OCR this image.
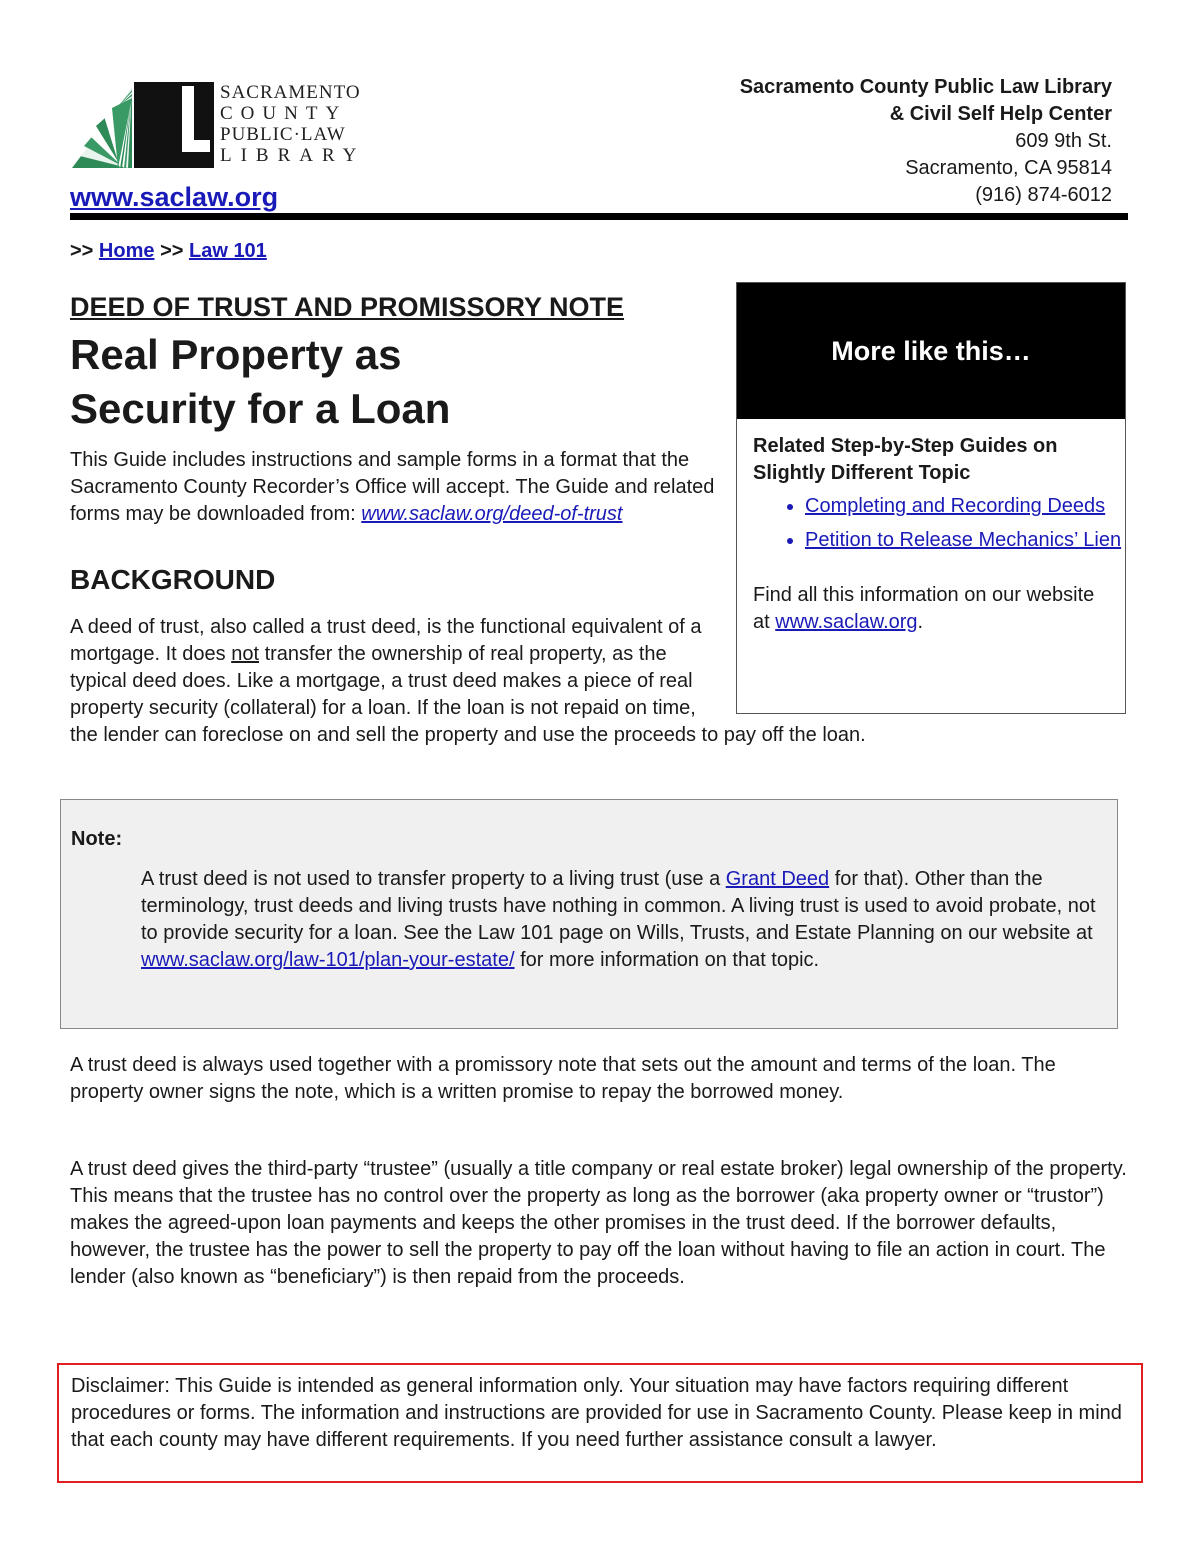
SACRAMENTO
COUNTY
PUBLIC·LAW
LIBRARY
www.saclaw.org
Sacramento County Public Law Library
& Civil Self Help Center
609 9th St.
Sacramento, CA 95814
(916) 874-6012
>> Home >> Law 101
DEED OF TRUST AND PROMISSORY NOTE
Real Property as
Security for a Loan
This Guide includes instructions and sample forms in a format that the Sacramento County Recorder’s Office will accept. The Guide and related forms may be downloaded from: www.saclaw.org/deed-of-trust
BACKGROUND
A deed of trust, also called a trust deed, is the functional equivalent of a mortgage. It does not transfer the ownership of real property, as the typical deed does. Like a mortgage, a trust deed makes a piece of real property security (collateral) for a loan. If the loan is not repaid on time, the lender can foreclose on and sell the property and use the proceeds to pay off the loan.
More like this…
Related Step-by-Step Guides on Slightly Different Topic
• Completing and Recording Deeds
• Petition to Release Mechanics’ Lien
Find all this information on our website at www.saclaw.org.
Note:
A trust deed is not used to transfer property to a living trust (use a Grant Deed for that). Other than the terminology, trust deeds and living trusts have nothing in common. A living trust is used to avoid probate, not to provide security for a loan. See the Law 101 page on Wills, Trusts, and Estate Planning on our website at www.saclaw.org/law-101/plan-your-estate/ for more information on that topic.
A trust deed is always used together with a promissory note that sets out the amount and terms of the loan. The property owner signs the note, which is a written promise to repay the borrowed money.
A trust deed gives the third-party “trustee” (usually a title company or real estate broker) legal ownership of the property. This means that the trustee has no control over the property as long as the borrower (aka property owner or “trustor”) makes the agreed-upon loan payments and keeps the other promises in the trust deed. If the borrower defaults, however, the trustee has the power to sell the property to pay off the loan without having to file an action in court. The lender (also known as “beneficiary”) is then repaid from the proceeds.
Disclaimer: This Guide is intended as general information only. Your situation may have factors requiring different procedures or forms. The information and instructions are provided for use in Sacramento County. Please keep in mind that each county may have different requirements. If you need further assistance consult a lawyer.
